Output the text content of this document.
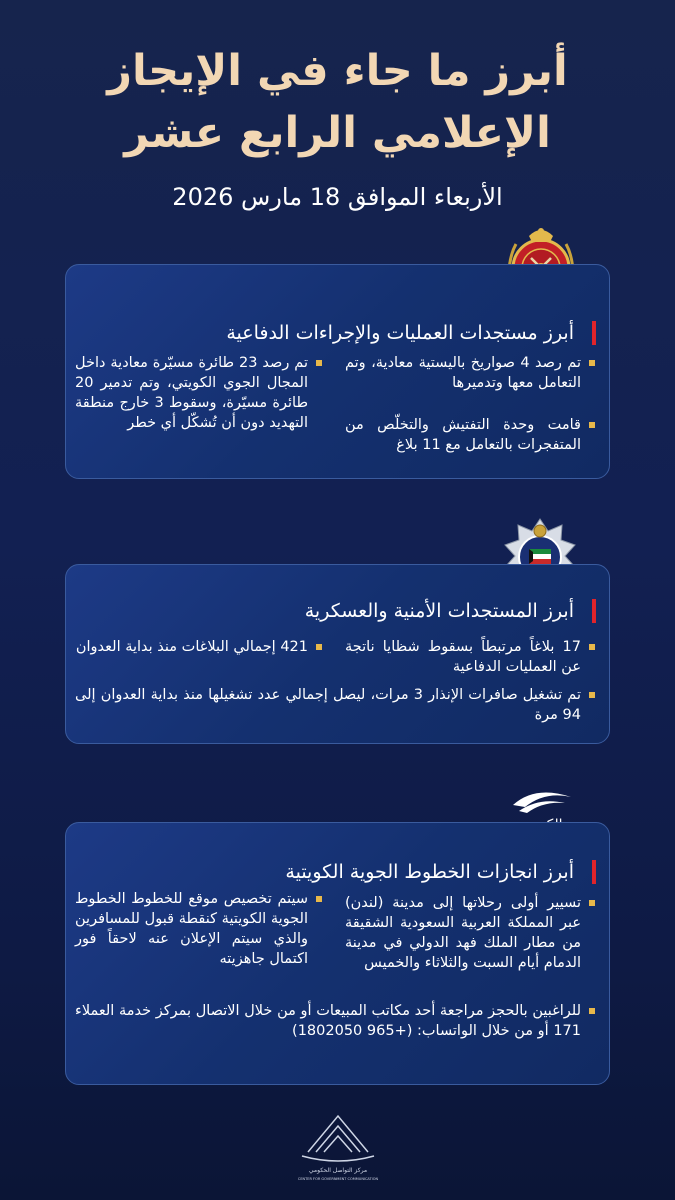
أبرز ما جاء في الإيجاز
الإعلامي الرابع عشر
الأربعاء الموافق 18 مارس 2026
أبرز مستجدات العمليات والإجراءات الدفاعية
تم رصد 4 صواريخ باليستية معادية، وتم التعامل معها وتدميرها
قامت وحدة التفتيش والتخلّص من المتفجرات بالتعامل مع 11 بلاغ
تم رصد 23 طائرة مسيّرة معادية داخل المجال الجوي الكويتي، وتم تدمير 20 طائرة مسيّرة، وسقوط 3 خارج منطقة التهديد دون أن تُشكّل أي خطر
أبرز المستجدات الأمنية والعسكرية
17 بلاغاً مرتبطاً بسقوط شظايا ناتجة عن العمليات الدفاعية
421 إجمالي البلاغات منذ بداية العدوان
تم تشغيل صافرات الإنذار 3 مرات، ليصل إجمالي عدد تشغيلها منذ بداية العدوان إلى 94 مرة
أبرز انجازات الخطوط الجوية الكويتية
تسيير أولى رحلاتها إلى مدينة (لندن) عبر المملكة العربية السعودية الشقيقة من مطار الملك فهد الدولي في مدينة الدمام أيام السبت والثلاثاء والخميس
سيتم تخصيص موقع للخطوط الخطوط الجوية الكويتية كنقطة قبول للمسافرين والذي سيتم الإعلان عنه لاحقاً فور اكتمال جاهزيته
للراغبين بالحجز مراجعة أحد مكاتب المبيعات أو من خلال الاتصال بمركز خدمة العملاء 171 أو من خلال الواتساب: (+965 1802050)
مركز التواصل الحكومي
CENTER FOR GOVERNMENT COMMUNICATION
